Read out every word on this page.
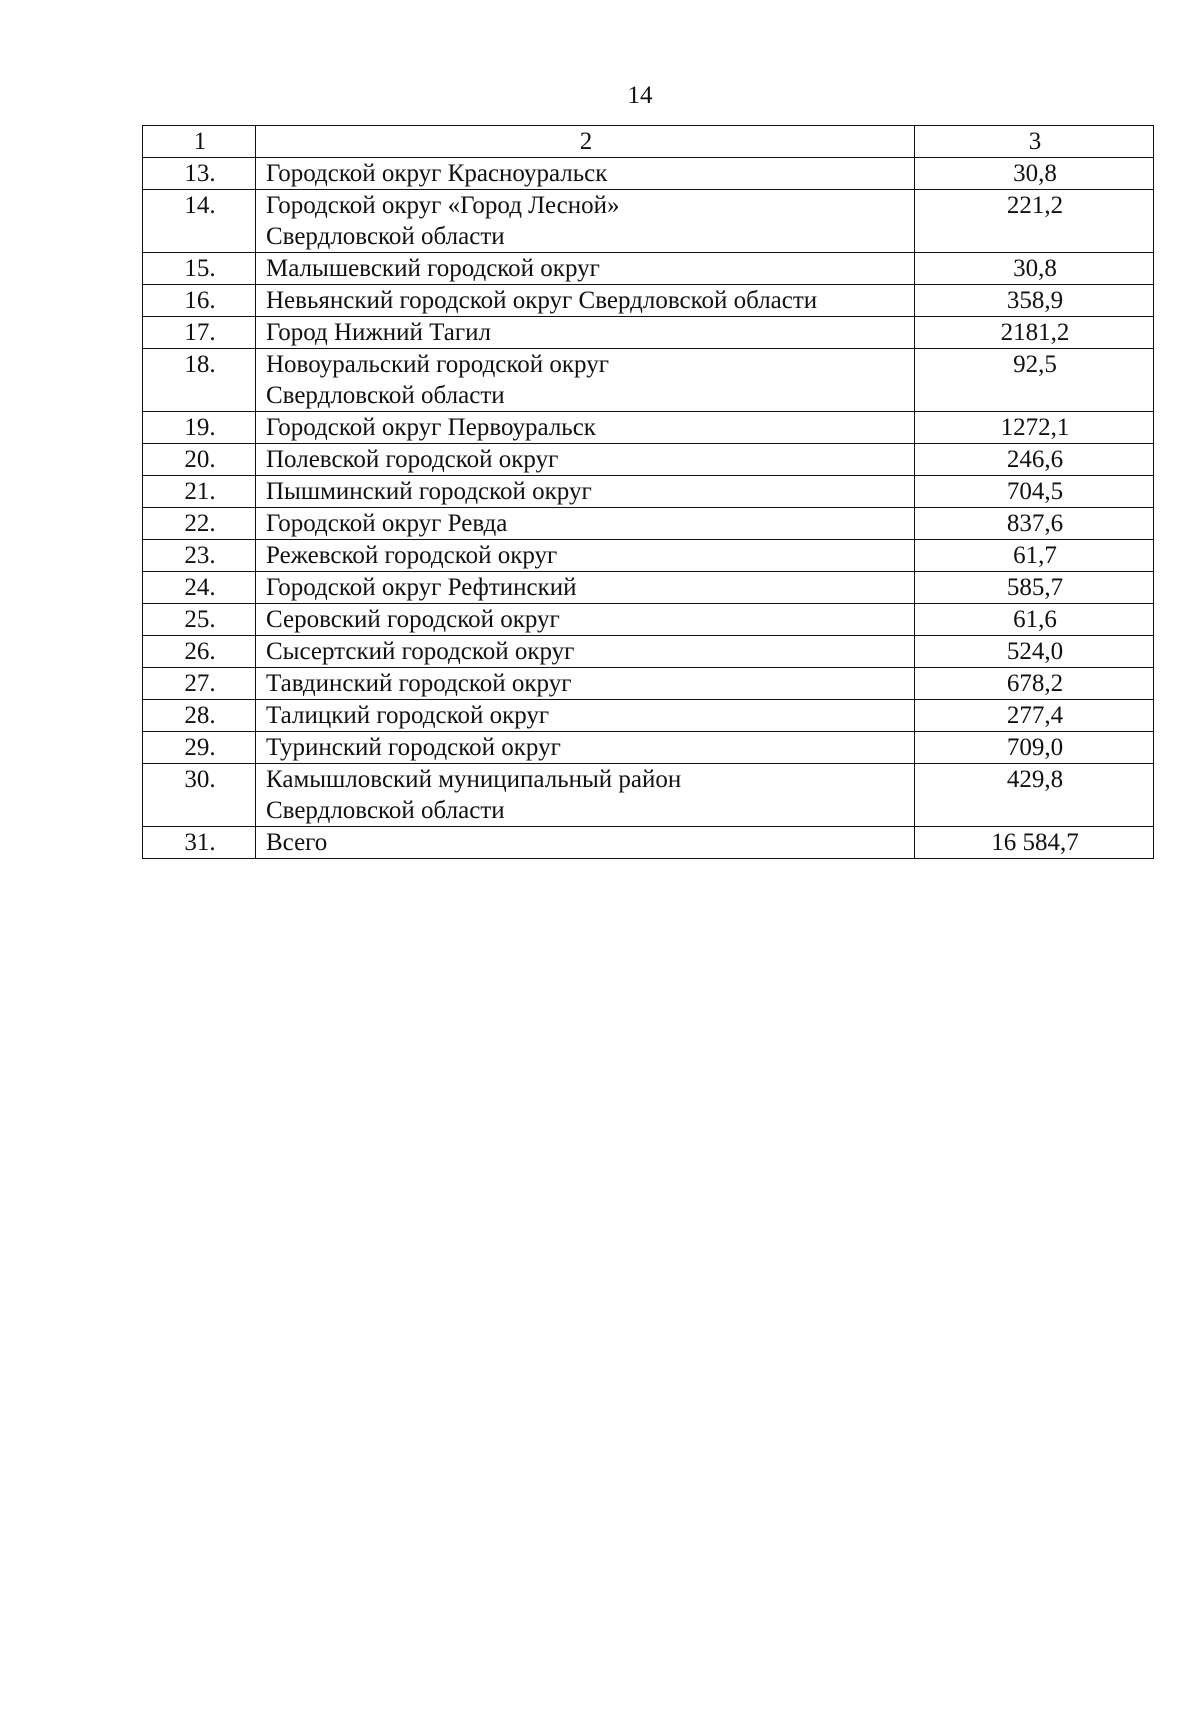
14
1	2	3
13.	Городской округ Красноуральск	30,8
14.	Городской округ «Город Лесной» Свердловской области	221,2
15.	Малышевский городской округ	30,8
16.	Невьянский городской округ Свердловской области	358,9
17.	Город Нижний Тагил	2181,2
18.	Новоуральский городской округ Свердловской области	92,5
19.	Городской округ Первоуральск	1272,1
20.	Полевской городской округ	246,6
21.	Пышминский городской округ	704,5
22.	Городской округ Ревда	837,6
23.	Режевской городской округ	61,7
24.	Городской округ Рефтинский	585,7
25.	Серовский городской округ	61,6
26.	Сысертский городской округ	524,0
27.	Тавдинский городской округ	678,2
28.	Талицкий городской округ	277,4
29.	Туринский городской округ	709,0
30.	Камышловский муниципальный район Свердловской области	429,8
31.	Всего	16 584,7
